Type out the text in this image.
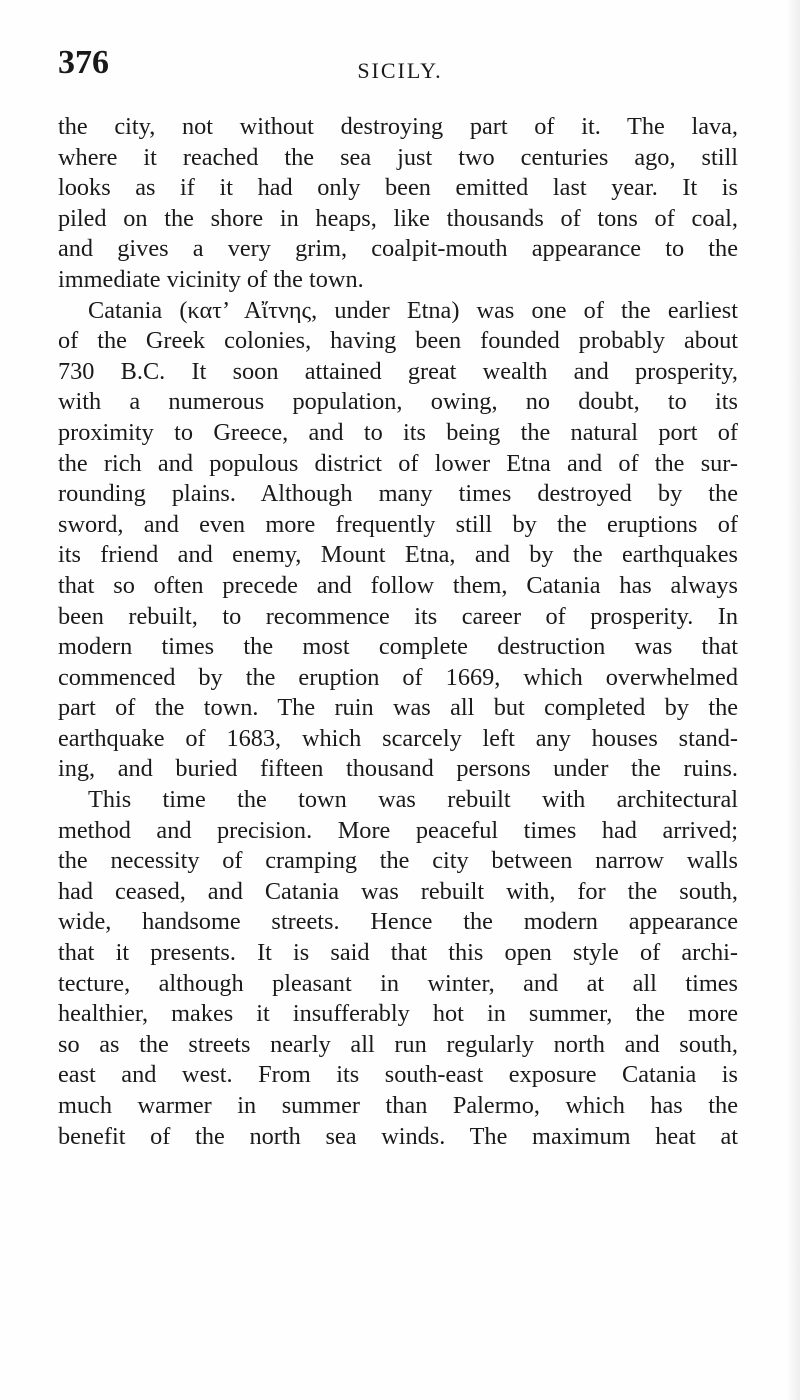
376	SICILY.
the city, not without destroying part of it. The lava,
where it reached the sea just two centuries ago, still
looks as if it had only been emitted last year. It is
piled on the shore in heaps, like thousands of tons of coal,
and gives a very grim, coalpit-mouth appearance to the
immediate vicinity of the town.
Catania (κατ’ Αἴτνης, under Etna) was one of the earliest
of the Greek colonies, having been founded probably about
730 B.C. It soon attained great wealth and prosperity,
with a numerous population, owing, no doubt, to its
proximity to Greece, and to its being the natural port of
the rich and populous district of lower Etna and of the sur-
rounding plains. Although many times destroyed by the
sword, and even more frequently still by the eruptions of
its friend and enemy, Mount Etna, and by the earthquakes
that so often precede and follow them, Catania has always
been rebuilt, to recommence its career of prosperity. In
modern times the most complete destruction was that
commenced by the eruption of 1669, which overwhelmed
part of the town. The ruin was all but completed by the
earthquake of 1683, which scarcely left any houses stand-
ing, and buried fifteen thousand persons under the ruins.
This time the town was rebuilt with architectural
method and precision. More peaceful times had arrived;
the necessity of cramping the city between narrow walls
had ceased, and Catania was rebuilt with, for the south,
wide, handsome streets. Hence the modern appearance
that it presents. It is said that this open style of archi-
tecture, although pleasant in winter, and at all times
healthier, makes it insufferably hot in summer, the more
so as the streets nearly all run regularly north and south,
east and west. From its south-east exposure Catania is
much warmer in summer than Palermo, which has the
benefit of the north sea winds. The maximum heat at
